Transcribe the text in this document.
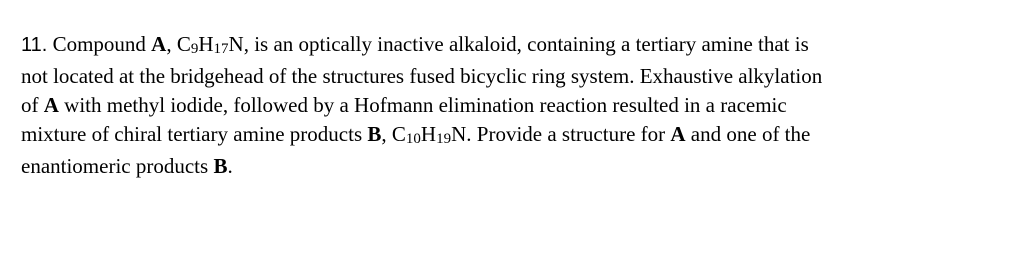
11. Compound A, C9H17N, is an optically inactive alkaloid, containing a tertiary amine that is
not located at the bridgehead of the structures fused bicyclic ring system. Exhaustive alkylation
of A with methyl iodide, followed by a Hofmann elimination reaction resulted in a racemic
mixture of chiral tertiary amine products B, C10H19N. Provide a structure for A and one of the
enantiomeric products B.
